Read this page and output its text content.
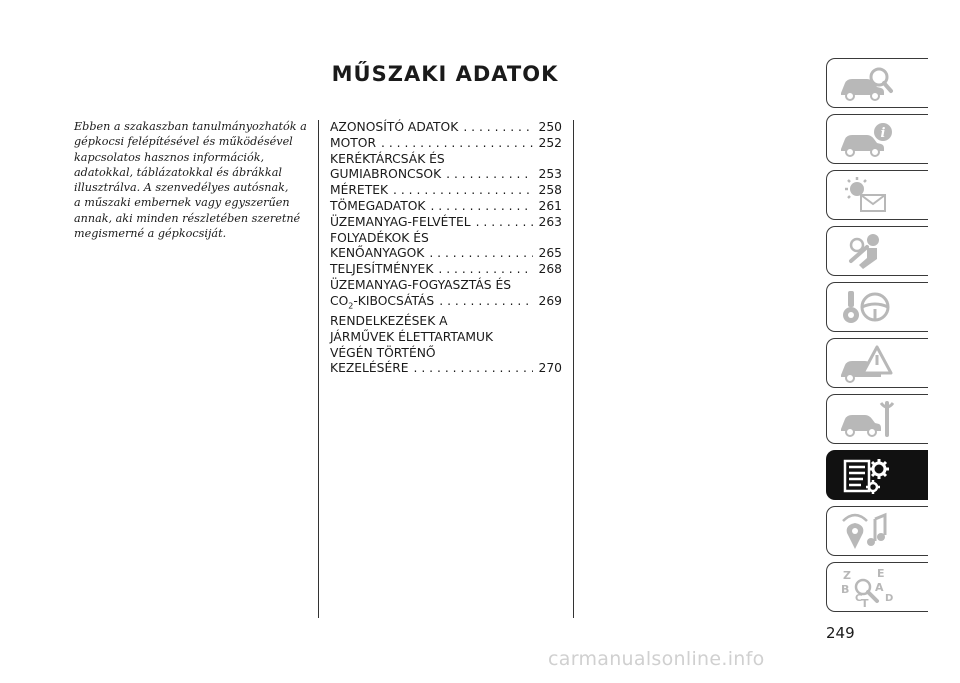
MŰSZAKI ADATOK
Ebben a szakaszban tanulmányozhatók a
gépkocsi felépítésével és működésével
kapcsolatos hasznos információk,
adatokkal, táblázatokkal és ábrákkal
illusztrálva. A szenvedélyes autósnak,
a műszaki embernek vagy egyszerűen
annak, aki minden részletében szeretné
megismerné a gépkocsiját.
AZONOSÍTÓ ADATOK . . .	250
MOTOR . . .	252
KERÉKTÁRCSÁK ÉS
GUMIABRONCSOK . . .	253
MÉRETEK . . .	258
TÖMEGADATOK . . .	261
ÜZEMANYAG-FELVÉTEL . . .	263
FOLYADÉKOK ÉS
KENŐANYAGOK . . .	265
TELJESÍTMÉNYEK . . .	268
ÜZEMANYAG-FOGYASZTÁS ÉS
$CO_2$-KIBOCSÁTÁS . . .	269
RENDELKEZÉSEK A
JÁRMŰVEK ÉLETTARTAMUK
VÉGÉN TÖRTÉNŐ
KEZELÉSÉRE . . .	270
i
Z E
B A
C
T D
249
carmanualsonline.info
